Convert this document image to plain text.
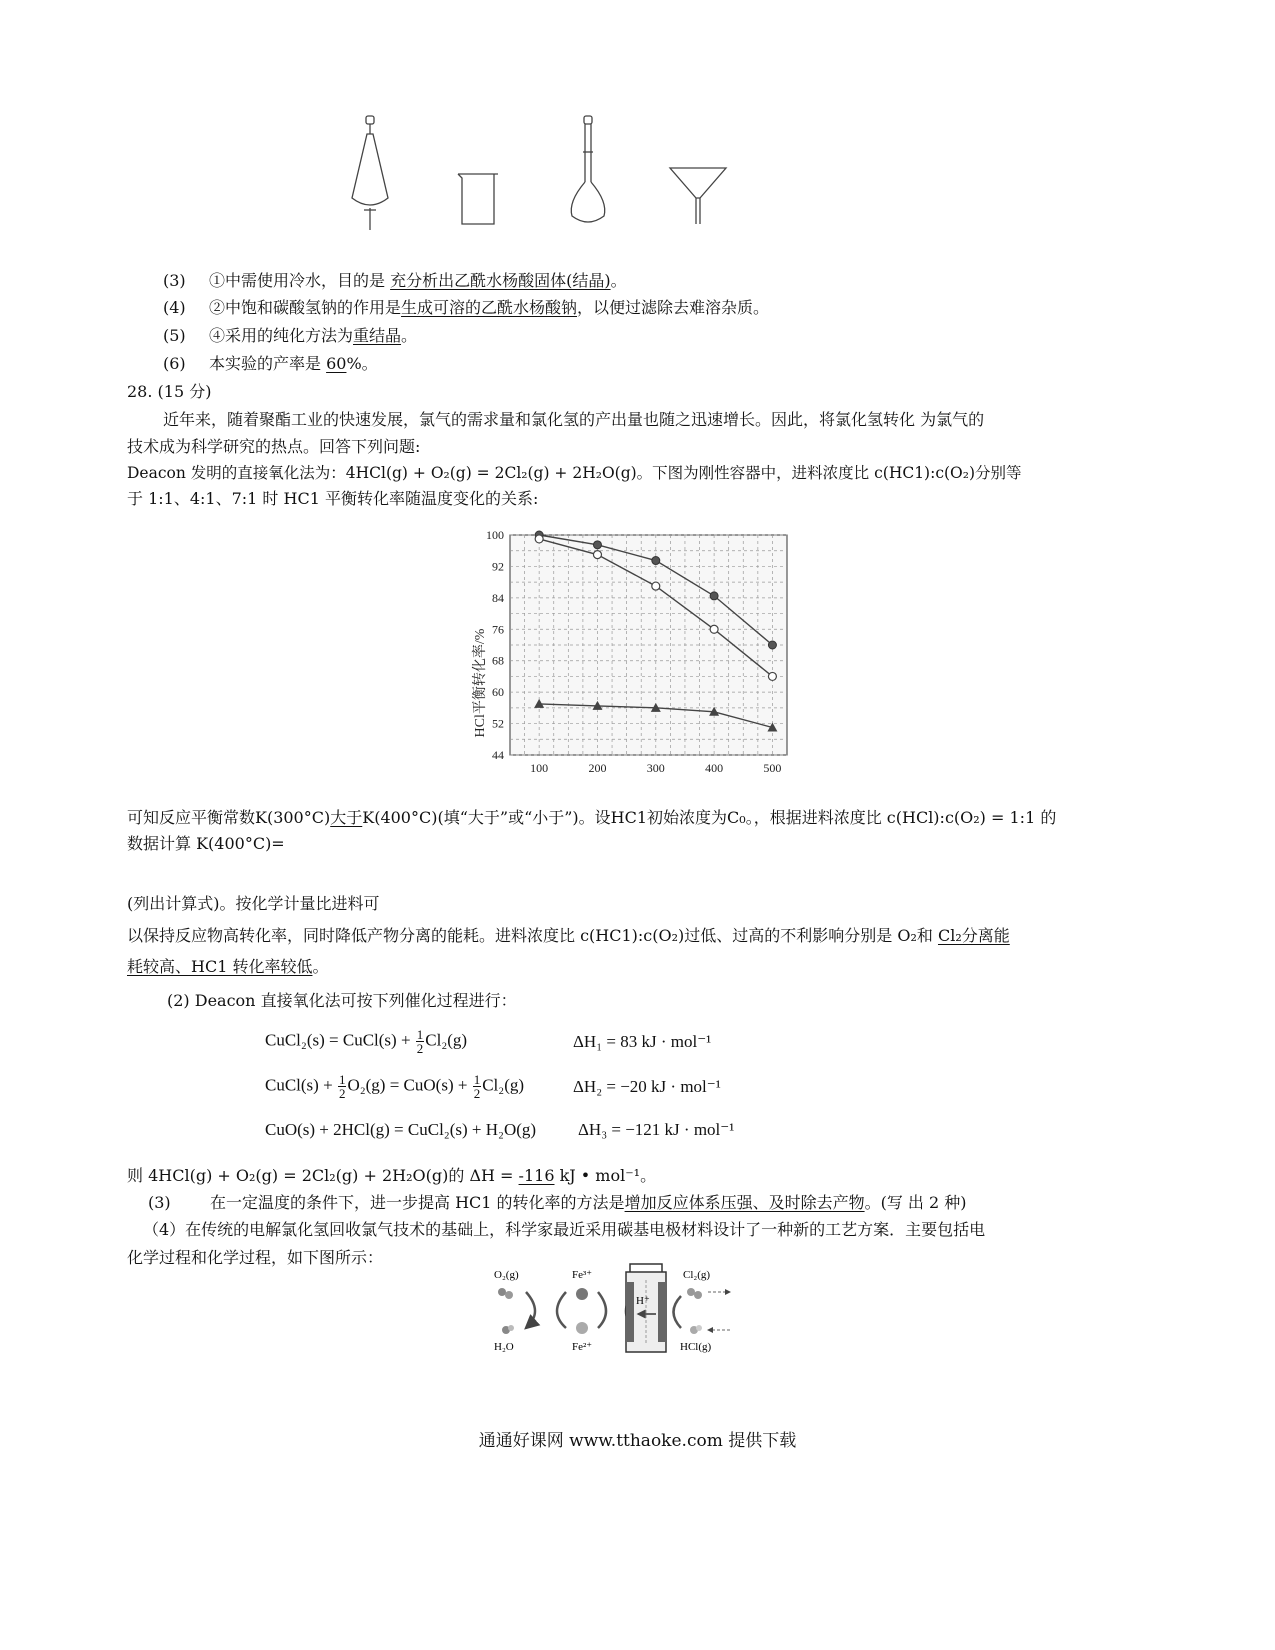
(3) ①中需使用冷水，目的是 充分析出乙酰水杨酸固体(结晶)。
(4) ②中饱和碳酸氢钠的作用是生成可溶的乙酰水杨酸钠，以便过滤除去难溶杂质。
(5) ④采用的纯化方法为重结晶。
(6) 本实验的产率是 60%。
28. (15 分)
近年来，随着聚酯工业的快速发展，氯气的需求量和氯化氢的产出量也随之迅速增长。因此，将氯化氢转化 为氯气的
技术成为科学研究的热点。回答下列问题:
Deacon 发明的直接氧化法为：4HCl(g) + O₂(g) = 2Cl₂(g) + 2H₂O(g)。下图为刚性容器中，进料浓度比 c(HC1):c(O₂)分别等
于 1:1、4:1、7:1 时 HC1 平衡转化率随温度变化的关系:
44
52
60
68
76
84
92
100
100	200	300	400	500
HCl平衡转化率/%
可知反应平衡常数K(300°C)大于K(400°C)(填“大于”或“小于”)。设HC1初始浓度为C₀。，根据进料浓度比 c(HCl):c(O₂) = 1:1 的
数据计算 K(400°C)=
(列出计算式)。按化学计量比进料可
以保持反应物高转化率，同时降低产物分离的能耗。进料浓度比 c(HC1):c(O₂)过低、过高的不利影响分别是 O₂和 Cl₂分离能
耗较高、HC1 转化率较低。
(2) Deacon 直接氧化法可按下列催化过程进行：
CuCl₂(s) = CuCl(s) + $\frac{1}{2} Cl_2(g)$	ΔH₁ = 83 kJ · mol⁻¹
CuCl(s) + $\frac{1}{2} O_2(g) = CuO(s) + \frac{1}{2} Cl_2(g)$	ΔH₂ = −20 kJ · mol⁻¹
CuO(s) + 2HCl(g) = CuCl₂(s) + H₂O(g) ΔH₃ = −121 kJ · mol⁻¹
则 4HCl(g) + O₂(g) = 2Cl₂(g) + 2H₂O(g)的 ΔH = -116 kJ • mol⁻¹。
(3) 在一定温度的条件下，进一步提高 HC1 的转化率的方法是增加反应体系压强、及时除去产物。(写 出 2 种)
（4）在传统的电解氯化氢回收氯气技术的基础上，科学家最近采用碳基电极材料设计了一种新的工艺方案．主要包括电
化学过程和化学过程，如下图所示：
O₂(g)
H₂O
Fe³⁺
Fe²⁺
Cl₂(g)
HCl(g)
H⁺
通通好课网 www.tthaoke.com 提供下载
